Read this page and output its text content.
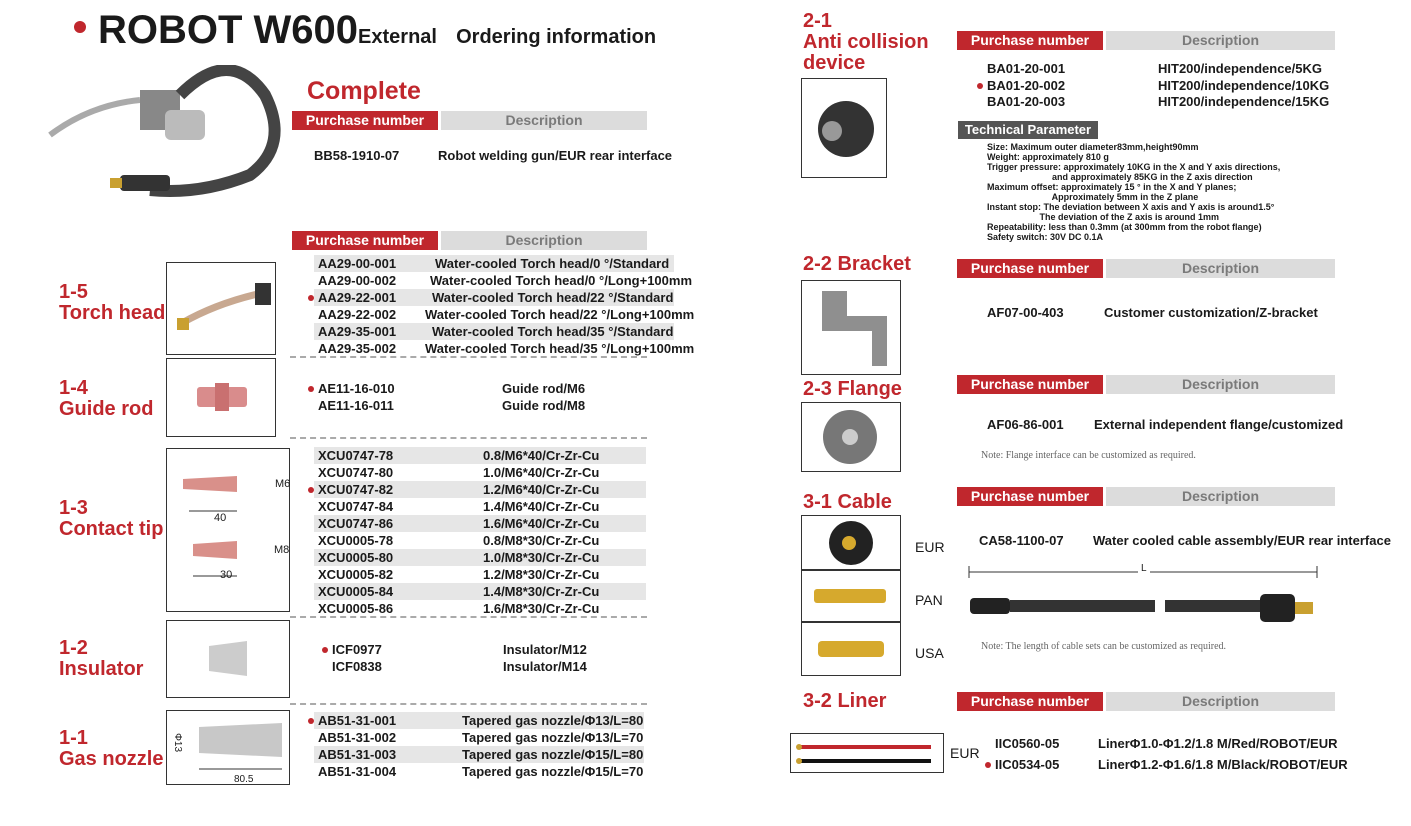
ROBOT W600External Ordering information
Complete
Purchase number	Description
BB58-1910-07	Robot welding gun/EUR rear interface
Purchase number	Description
1-5
Torch head
AA29-00-001	Water-cooled Torch head/0 °/Standard
AA29-00-002	Water-cooled Torch head/0 °/Long+100mm
AA29-22-001	Water-cooled Torch head/22 °/Standard
AA29-22-002 Water-cooled Torch head/22 °/Long+100mm
AA29-35-001	Water-cooled Torch head/35 °/Standard
AA29-35-002 Water-cooled Torch head/35 °/Long+100mm
1-4
Guide rod
AE11-16-010	Guide rod/M6
AE11-16-011	Guide rod/M8
1-3
Contact tip
XCU0747-78	0.8/M6*40/Cr-Zr-Cu
XCU0747-80	1.0/M6*40/Cr-Zr-Cu
XCU0747-82	1.2/M6*40/Cr-Zr-Cu
XCU0747-84	1.4/M6*40/Cr-Zr-Cu
XCU0747-86	1.6/M6*40/Cr-Zr-Cu
XCU0005-78	0.8/M8*30/Cr-Zr-Cu
XCU0005-80	1.0/M8*30/Cr-Zr-Cu
XCU0005-82	1.2/M8*30/Cr-Zr-Cu
XCU0005-84	1.4/M8*30/Cr-Zr-Cu
XCU0005-86	1.6/M8*30/Cr-Zr-Cu
1-2
Insulator
ICF0977	Insulator/M12
ICF0838	Insulator/M14
1-1
Gas nozzle
AB51-31-001	Tapered gas nozzle/Φ13/L=80
AB51-31-002	Tapered gas nozzle/Φ13/L=70
AB51-31-003	Tapered gas nozzle/Φ15/L=80
AB51-31-004	Tapered gas nozzle/Φ15/L=70
2-1
Anti collision
device
Purchase number	Description
BA01-20-001	HIT200/independence/5KG
BA01-20-002	HIT200/independence/10KG
BA01-20-003	HIT200/independence/15KG
2-2 Bracket	Purchase number	Description
AF07-00-403	Customer customization/Z-bracket
2-3 Flange	Purchase number	Description
AF06-86-001 External independent flange/customized
Note: Flange interface can be customized as required.
3-1 Cable	Purchase number	Description
CA58-1100-07 Water cooled cable assembly/EUR rear interface
Note: The length of cable sets can be customized as required.
3-2 Liner	Purchase number	Description
IIC0560-05	LinerΦ1.0-Φ1.2/1.8 M/Red/ROBOT/EUR
IIC0534-05	LinerΦ1.2-Φ1.6/1.8 M/Black/ROBOT/EUR
M6
40
M8
30
Φ13
80.5
Technical Parameter
Size: Maximum outer diameter83mm,height90mm
Weight: approximately 810 g
Trigger pressure: approximately 10KG in the X and Y axis directions,
and approximately 85KG in the Z axis direction
Maximum offset: approximately 15 ° in the X and Y planes;
Approximately 5mm in the Z plane
Instant stop: The deviation between X axis and Y axis is around1.5°
The deviation of the Z axis is around 1mm
Repeatability: less than 0.3mm (at 300mm from the robot flange)
Safety switch: 30V DC 0.1A
EUR
PAN
USA
L
EUR
